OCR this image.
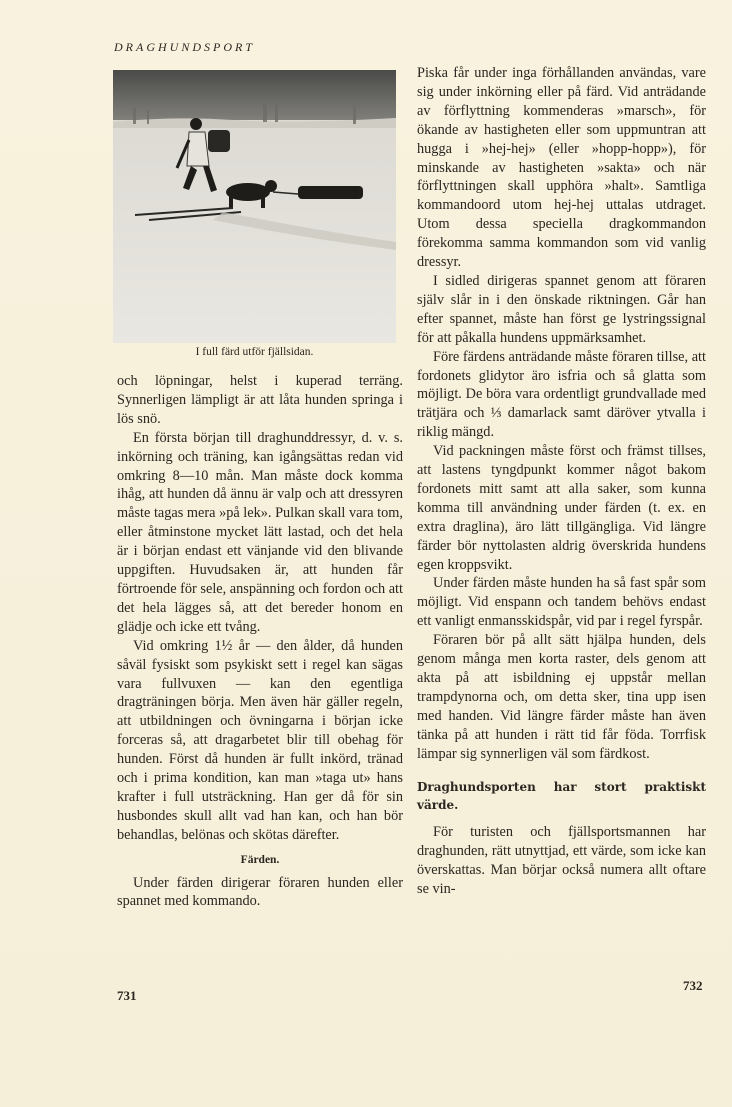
DRAGHUNDSPORT
I full färd utför fjällsidan.

och löpningar, helst i kuperad terräng. Synnerligen lämpligt är att låta hunden springa i lös snö.

En första början till draghunddressyr, d. v. s. inkörning och träning, kan igångsättas redan vid omkring 8—10 mån. Man måste dock komma ihåg, att hunden då ännu är valp och att dressyren måste tagas mera »på lek». Pulkan skall vara tom, eller åtminstone mycket lätt lastad, och det hela är i början endast ett vänjande vid den blivande uppgiften. Huvudsaken är, att hunden får förtroende för sele, anspänning och fordon och att det hela lägges så, att det bereder honom en glädje och icke ett tvång.

Vid omkring 1½ år — den ålder, då hunden såväl fysiskt som psykiskt sett i regel kan sägas vara fullvuxen — kan den egentliga dragträningen börja. Men även här gäller regeln, att utbildningen och övningarna i början icke forceras så, att dragarbetet blir till obehag för hunden. Först då hunden är fullt inkörd, tränad och i prima kondition, kan man »taga ut» hans krafter i full utsträckning. Han ger då för sin husbondes skull allt vad han kan, och han bör behandlas, belönas och skötas därefter.

Färden.

Under färden dirigerar föraren hunden eller spannet med kommando.

Piska får under inga förhållanden användas, vare sig under inkörning eller på färd. Vid anträdande av förflyttning kommenderas »marsch», för ökande av hastigheten eller som uppmuntran att hugga i »hej-hej» (eller »hopp-hopp»), för minskande av hastigheten »sakta» och när förflyttningen skall upphöra »halt». Samtliga kommandoord utom hej-hej uttalas utdraget. Utom dessa speciella dragkommandon förekomma samma kommandon som vid vanlig dressyr.

I sidled dirigeras spannet genom att föraren själv slår in i den önskade riktningen. Går han efter spannet, måste han först ge lystringssignal för att påkalla hundens uppmärksamhet.

Före färdens anträdande måste föraren tillse, att fordonets glidytor äro isfria och så glatta som möjligt. De böra vara ordentligt grundvallade med trätjära och ⅓ damarlack samt däröver ytvalla i riklig mängd.

Vid packningen måste först och främst tillses, att lastens tyngdpunkt kommer något bakom fordonets mitt samt att alla saker, som kunna komma till användning under färden (t. ex. en extra draglina), äro lätt tillgängliga. Vid längre färder bör nyttolasten aldrig överskrida hundens egen kroppsvikt.

Under färden måste hunden ha så fast spår som möjligt. Vid enspann och tandem behövs endast ett vanligt enmansskidspår, vid par i regel fyrspår.

Föraren bör på allt sätt hjälpa hunden, dels genom många men korta raster, dels genom att akta på att isbildning ej uppstår mellan trampdynorna och, om detta sker, tina upp isen med handen. Vid längre färder måste han även tänka på att hunden i rätt tid får föda. Torrfisk lämpar sig synnerligen väl som färdkost.

Draghundsporten har stort praktiskt värde.

För turisten och fjällsportsmannen har draghunden, rätt utnyttjad, ett värde, som icke kan överskattas. Man börjar också numera allt oftare se vin-

731
732
